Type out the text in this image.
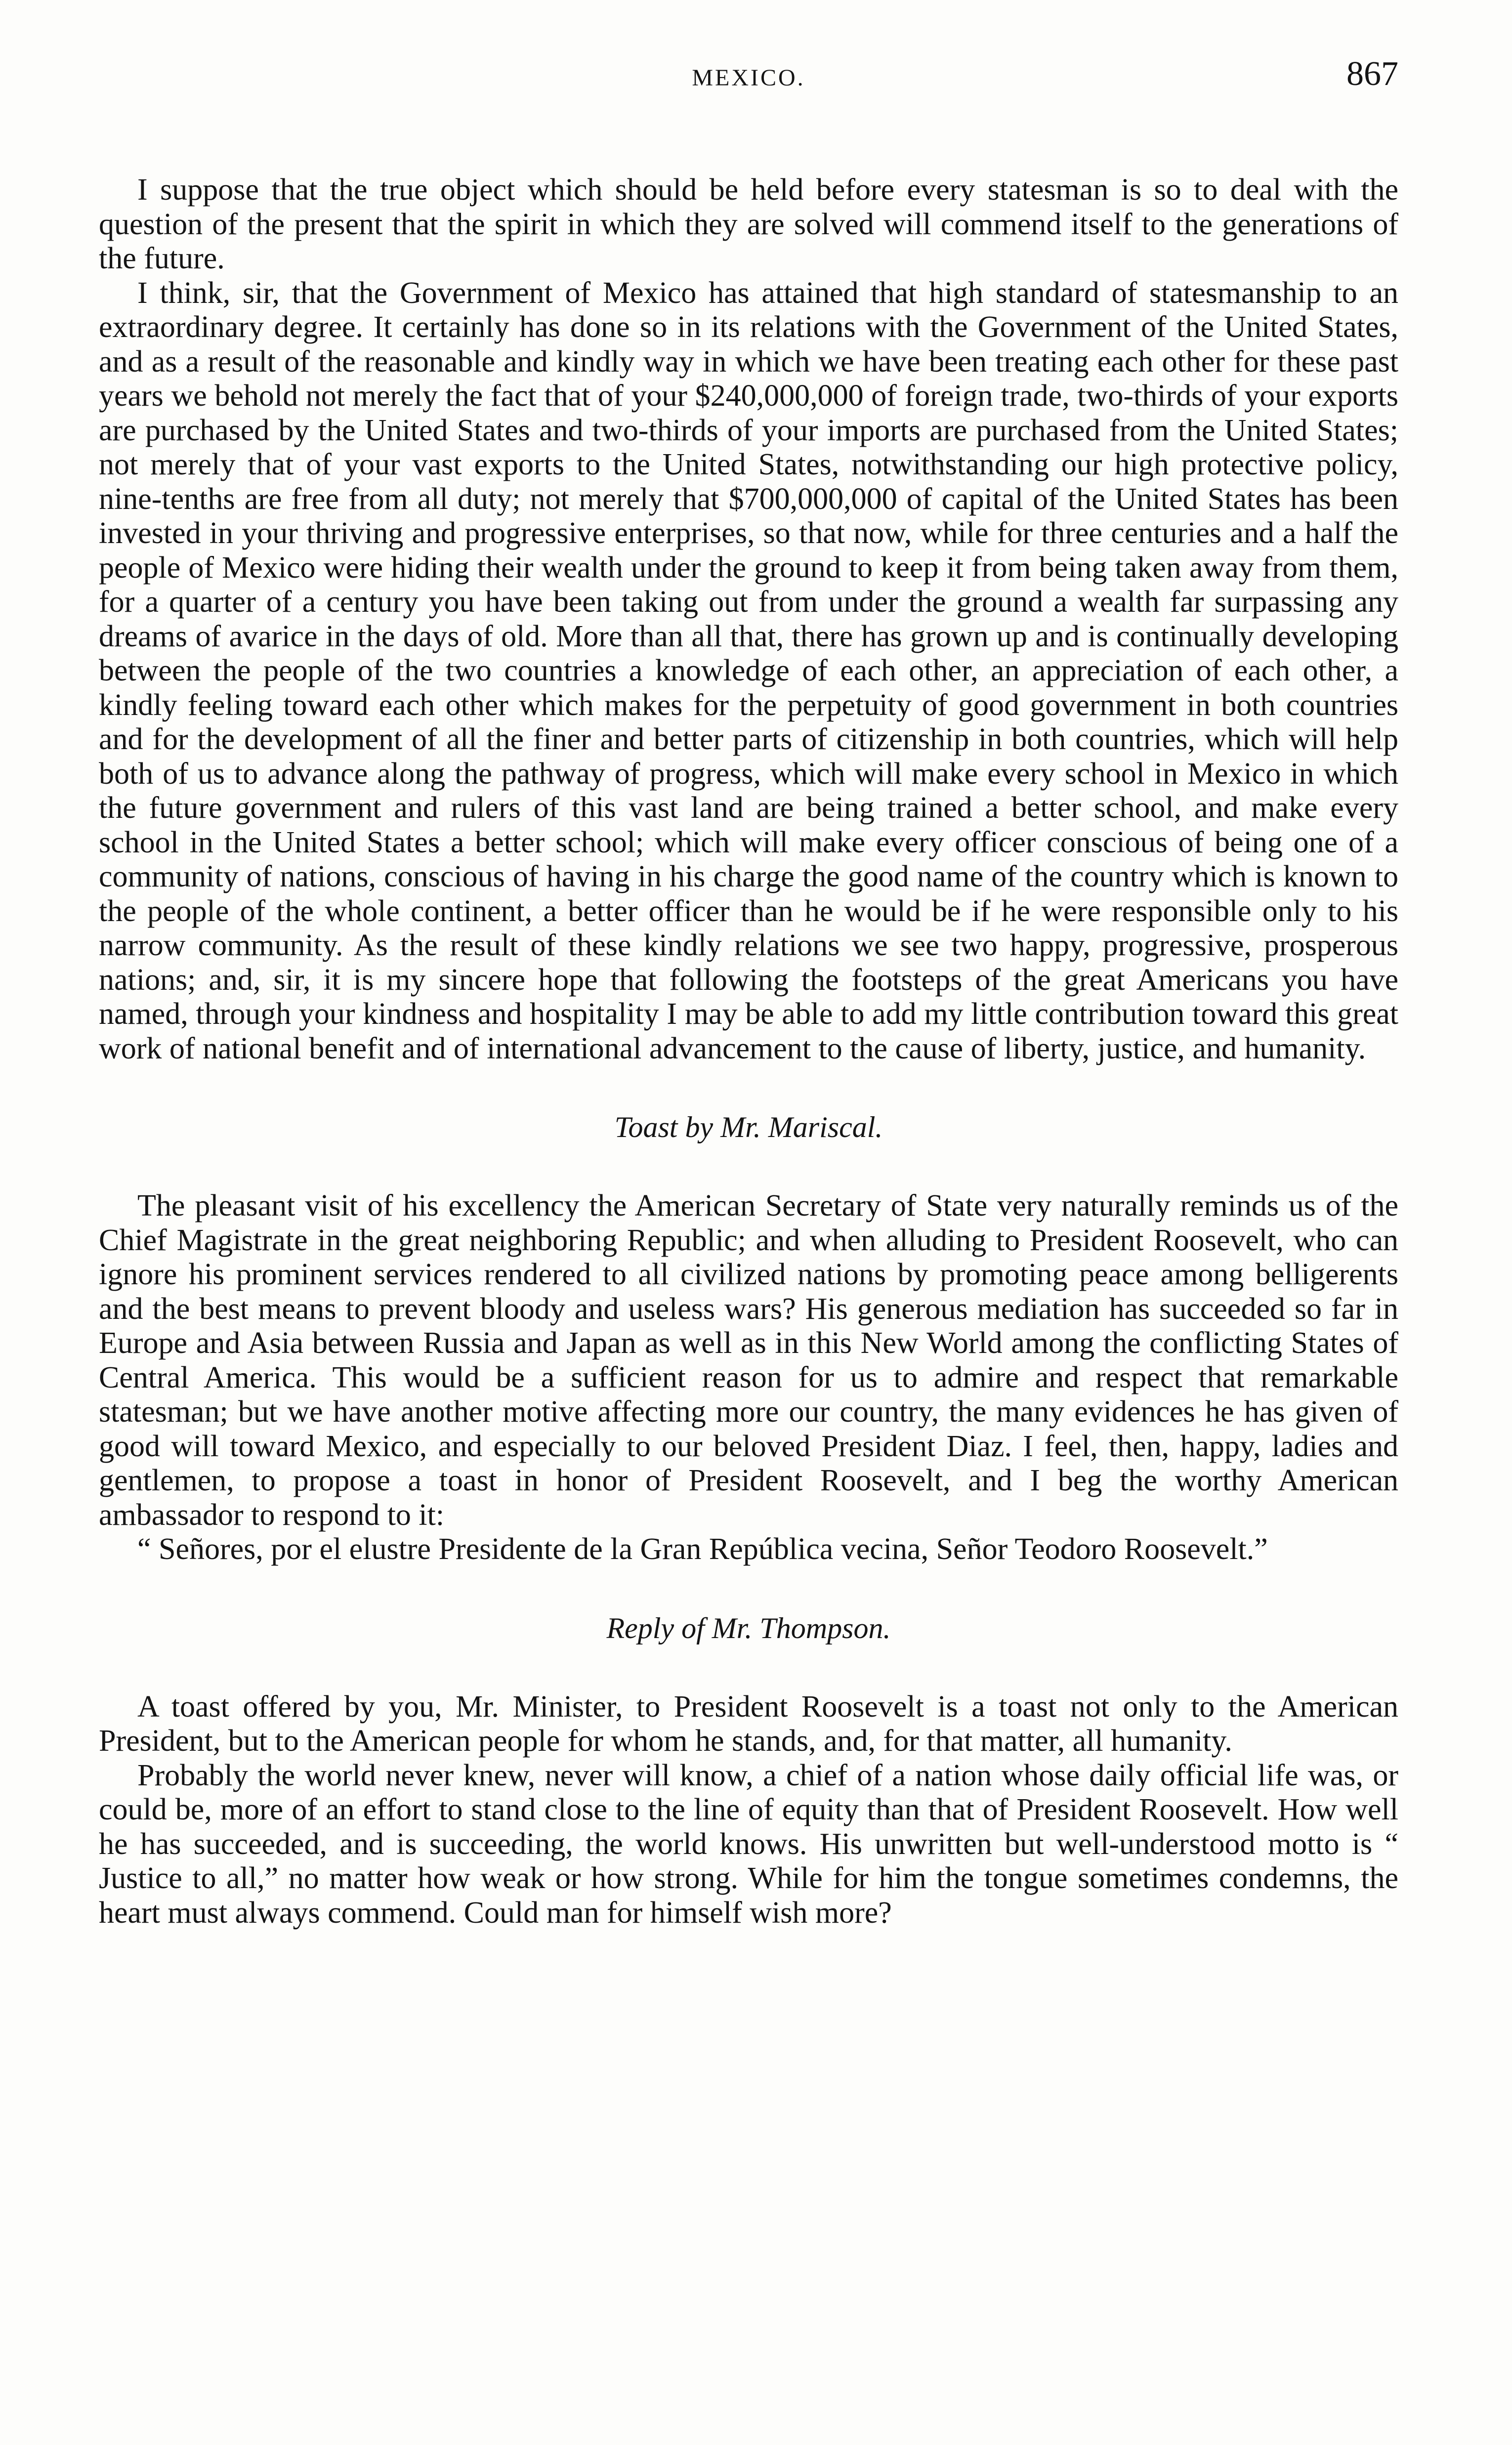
MEXICO.	867

I suppose that the true object which should be held before every statesman is so to deal with the question of the present that the spirit in which they are solved will commend itself to the generations of the future.

I think, sir, that the Government of Mexico has attained that high standard of statesmanship to an extraordinary degree. It certainly has done so in its relations with the Government of the United States, and as a result of the reasonable and kindly way in which we have been treating each other for these past years we behold not merely the fact that of your $240,000,000 of foreign trade, two-thirds of your exports are purchased by the United States and two-thirds of your imports are purchased from the United States; not merely that of your vast exports to the United States, notwithstanding our high protective policy, nine-tenths are free from all duty; not merely that $700,000,000 of capital of the United States has been invested in your thriving and progressive enterprises, so that now, while for three centuries and a half the people of Mexico were hiding their wealth under the ground to keep it from being taken away from them, for a quarter of a century you have been taking out from under the ground a wealth far surpassing any dreams of avarice in the days of old. More than all that, there has grown up and is continually developing between the people of the two countries a knowledge of each other, an appreciation of each other, a kindly feeling toward each other which makes for the perpetuity of good government in both countries and for the development of all the finer and better parts of citizenship in both countries, which will help both of us to advance along the pathway of progress, which will make every school in Mexico in which the future government and rulers of this vast land are being trained a better school, and make every school in the United States a better school; which will make every officer conscious of being one of a community of nations, conscious of having in his charge the good name of the country which is known to the people of the whole continent, a better officer than he would be if he were responsible only to his narrow community. As the result of these kindly relations we see two happy, progressive, prosperous nations; and, sir, it is my sincere hope that following the footsteps of the great Americans you have named, through your kindness and hospitality I may be able to add my little contribution toward this great work of national benefit and of international advancement to the cause of liberty, justice, and humanity.

Toast by Mr. Mariscal.

The pleasant visit of his excellency the American Secretary of State very naturally reminds us of the Chief Magistrate in the great neighboring Republic; and when alluding to President Roosevelt, who can ignore his prominent services rendered to all civilized nations by promoting peace among belligerents and the best means to prevent bloody and useless wars? His generous mediation has succeeded so far in Europe and Asia between Russia and Japan as well as in this New World among the conflicting States of Central America. This would be a sufficient reason for us to admire and respect that remarkable statesman; but we have another motive affecting more our country, the many evidences he has given of good will toward Mexico, and especially to our beloved President Diaz. I feel, then, happy, ladies and gentlemen, to propose a toast in honor of President Roosevelt, and I beg the worthy American ambassador to respond to it:

“ Señores, por el elustre Presidente de la Gran República vecina, Señor Teodoro Roosevelt.”

Reply of Mr. Thompson.

A toast offered by you, Mr. Minister, to President Roosevelt is a toast not only to the American President, but to the American people for whom he stands, and, for that matter, all humanity.

Probably the world never knew, never will know, a chief of a nation whose daily official life was, or could be, more of an effort to stand close to the line of equity than that of President Roosevelt. How well he has succeeded, and is succeeding, the world knows. His unwritten but well-understood motto is “ Justice to all,” no matter how weak or how strong. While for him the tongue sometimes condemns, the heart must always commend. Could man for himself wish more?
